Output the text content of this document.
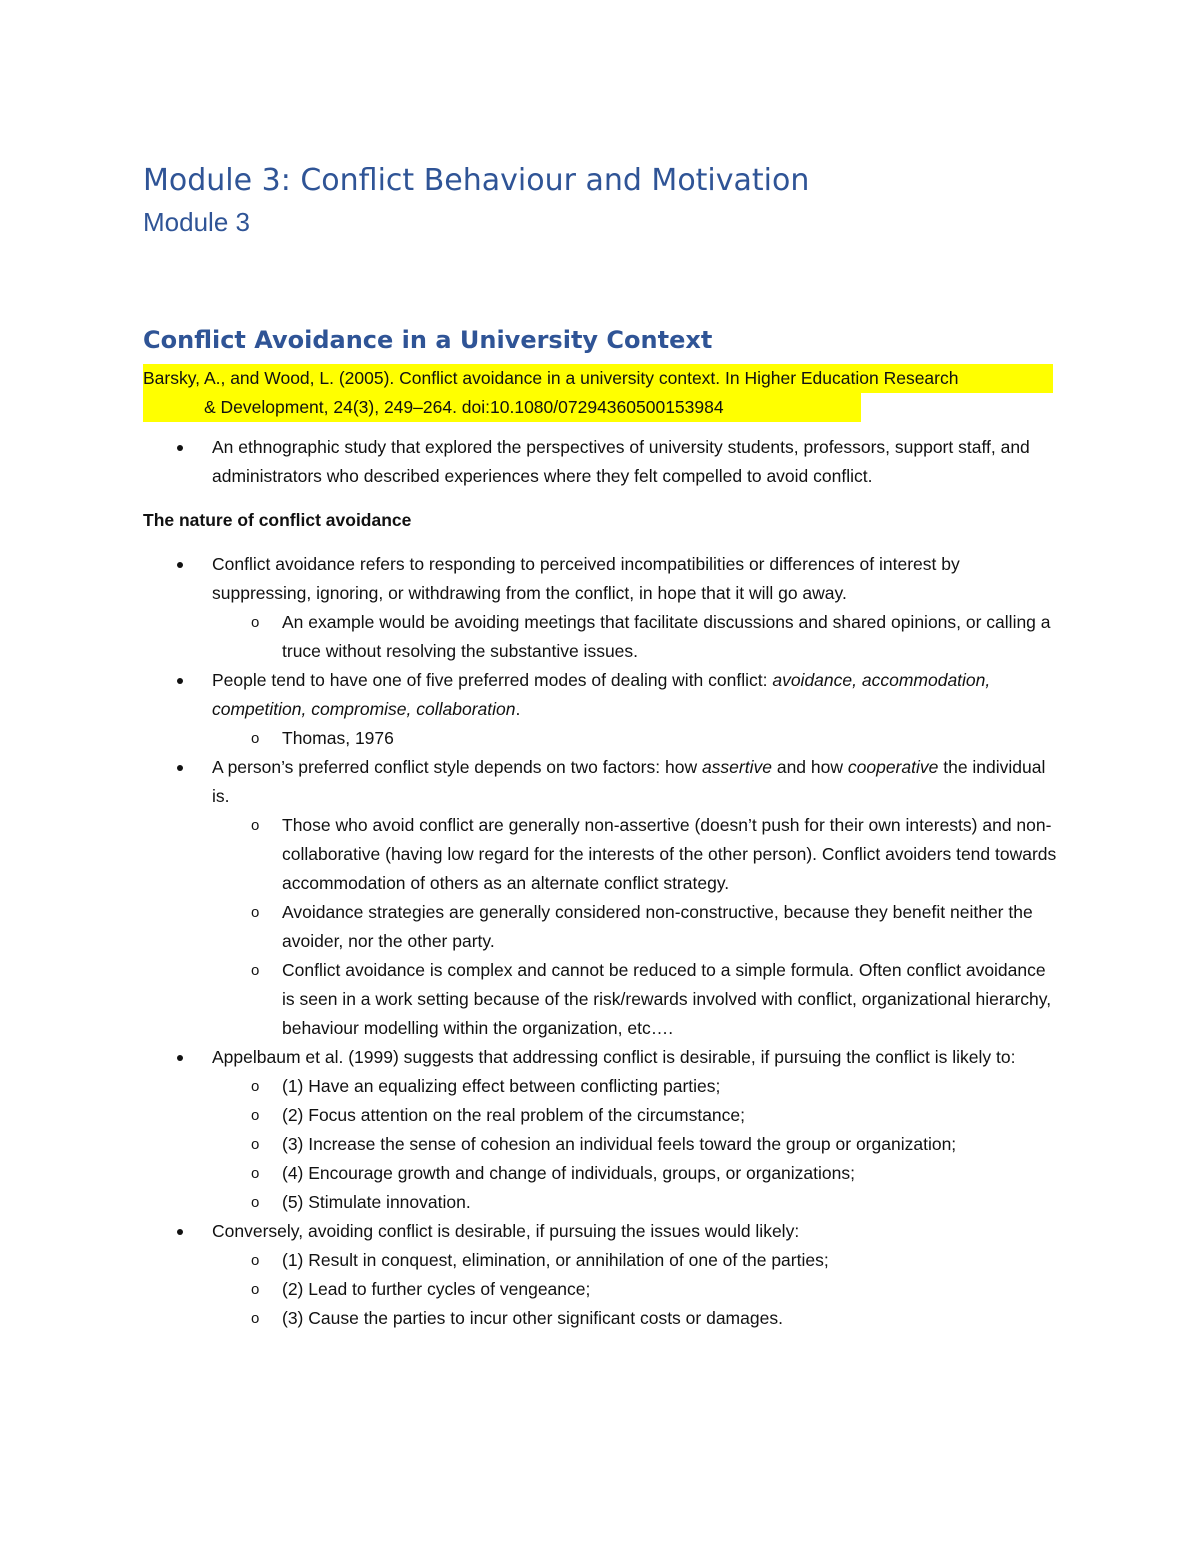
Module 3: Conflict Behaviour and Motivation
Module 3
Conflict Avoidance in a University Context
Barsky, A., and Wood, L. (2005). Conflict avoidance in a university context. In Higher Education Research
& Development, 24(3), 249–264. doi:10.1080/07294360500153984
An ethnographic study that explored the perspectives of university students, professors, support staff, and administrators who described experiences where they felt compelled to avoid conflict.

The nature of conflict avoidance

Conflict avoidance refers to responding to perceived incompatibilities or differences of interest by suppressing, ignoring, or withdrawing from the conflict, in hope that it will go away.
o An example would be avoiding meetings that facilitate discussions and shared opinions, or calling a truce without resolving the substantive issues.
People tend to have one of five preferred modes of dealing with conflict: avoidance, accommodation, competition, compromise, collaboration.
o Thomas, 1976
A person’s preferred conflict style depends on two factors: how assertive and how cooperative the individual is.
o Those who avoid conflict are generally non-assertive (doesn’t push for their own interests) and non-collaborative (having low regard for the interests of the other person). Conflict avoiders tend towards accommodation of others as an alternate conflict strategy.
o Avoidance strategies are generally considered non-constructive, because they benefit neither the avoider, nor the other party.
o Conflict avoidance is complex and cannot be reduced to a simple formula. Often conflict avoidance is seen in a work setting because of the risk/rewards involved with conflict, organizational hierarchy, behaviour modelling within the organization, etc….
Appelbaum et al. (1999) suggests that addressing conflict is desirable, if pursuing the conflict is likely to:
o (1) Have an equalizing effect between conflicting parties;
o (2) Focus attention on the real problem of the circumstance;
o (3) Increase the sense of cohesion an individual feels toward the group or organization;
o (4) Encourage growth and change of individuals, groups, or organizations;
o (5) Stimulate innovation.
Conversely, avoiding conflict is desirable, if pursuing the issues would likely:
o (1) Result in conquest, elimination, or annihilation of one of the parties;
o (2) Lead to further cycles of vengeance;
o (3) Cause the parties to incur other significant costs or damages.
